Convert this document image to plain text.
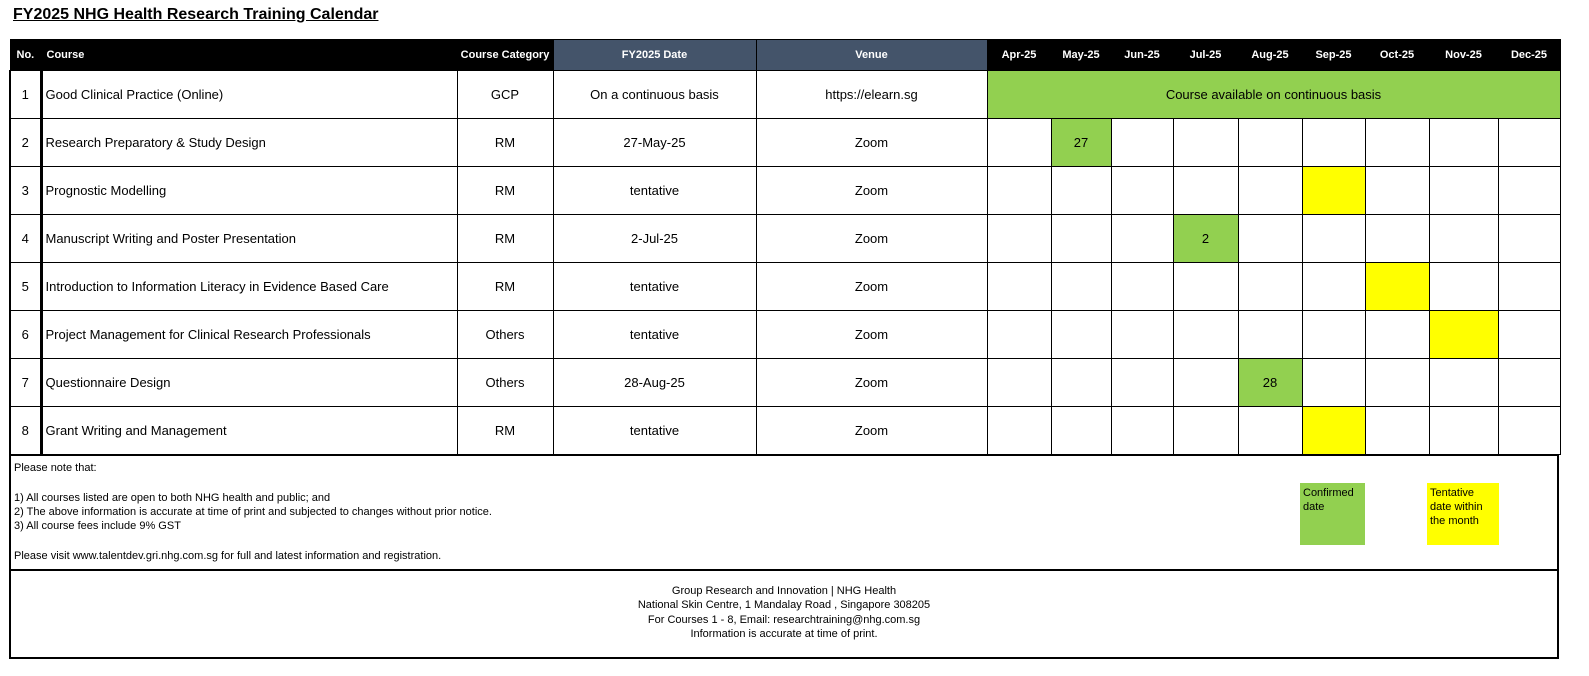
FY2025 NHG Health Research Training Calendar
No.	Course	Course Category	FY2025 Date	Venue	Apr-25	May-25	Jun-25	Jul-25	Aug-25	Sep-25	Oct-25	Nov-25	Dec-25
1	Good Clinical Practice (Online)	GCP	On a continuous basis	https://elearn.sg	Course available on continuous basis								
2	Research Preparatory & Study Design	RM	27-May-25	Zoom		27							
3	Prognostic Modelling	RM	tentative	Zoom									
4	Manuscript Writing and Poster Presentation	RM	2-Jul-25	Zoom				2					
5	Introduction to Information Literacy in Evidence Based Care	RM	tentative	Zoom									
6	Project Management for Clinical Research Professionals	Others	tentative	Zoom									
7	Questionnaire Design	Others	28-Aug-25	Zoom					28				
8	Grant Writing and Management	RM	tentative	Zoom									
Please note that:
1) All courses listed are open to both NHG health and public; and
2) The above information is accurate at time of print and subjected to changes without prior notice.
3) All course fees include 9% GST
Please visit www.talentdev.gri.nhg.com.sg for full and latest information and registration.
Confirmed date
Tentative date within the month
Group Research and Innovation | NHG Health
National Skin Centre, 1 Mandalay Road , Singapore 308205
For Courses 1 - 8, Email: researchtraining@nhg.com.sg
Information is accurate at time of print.
